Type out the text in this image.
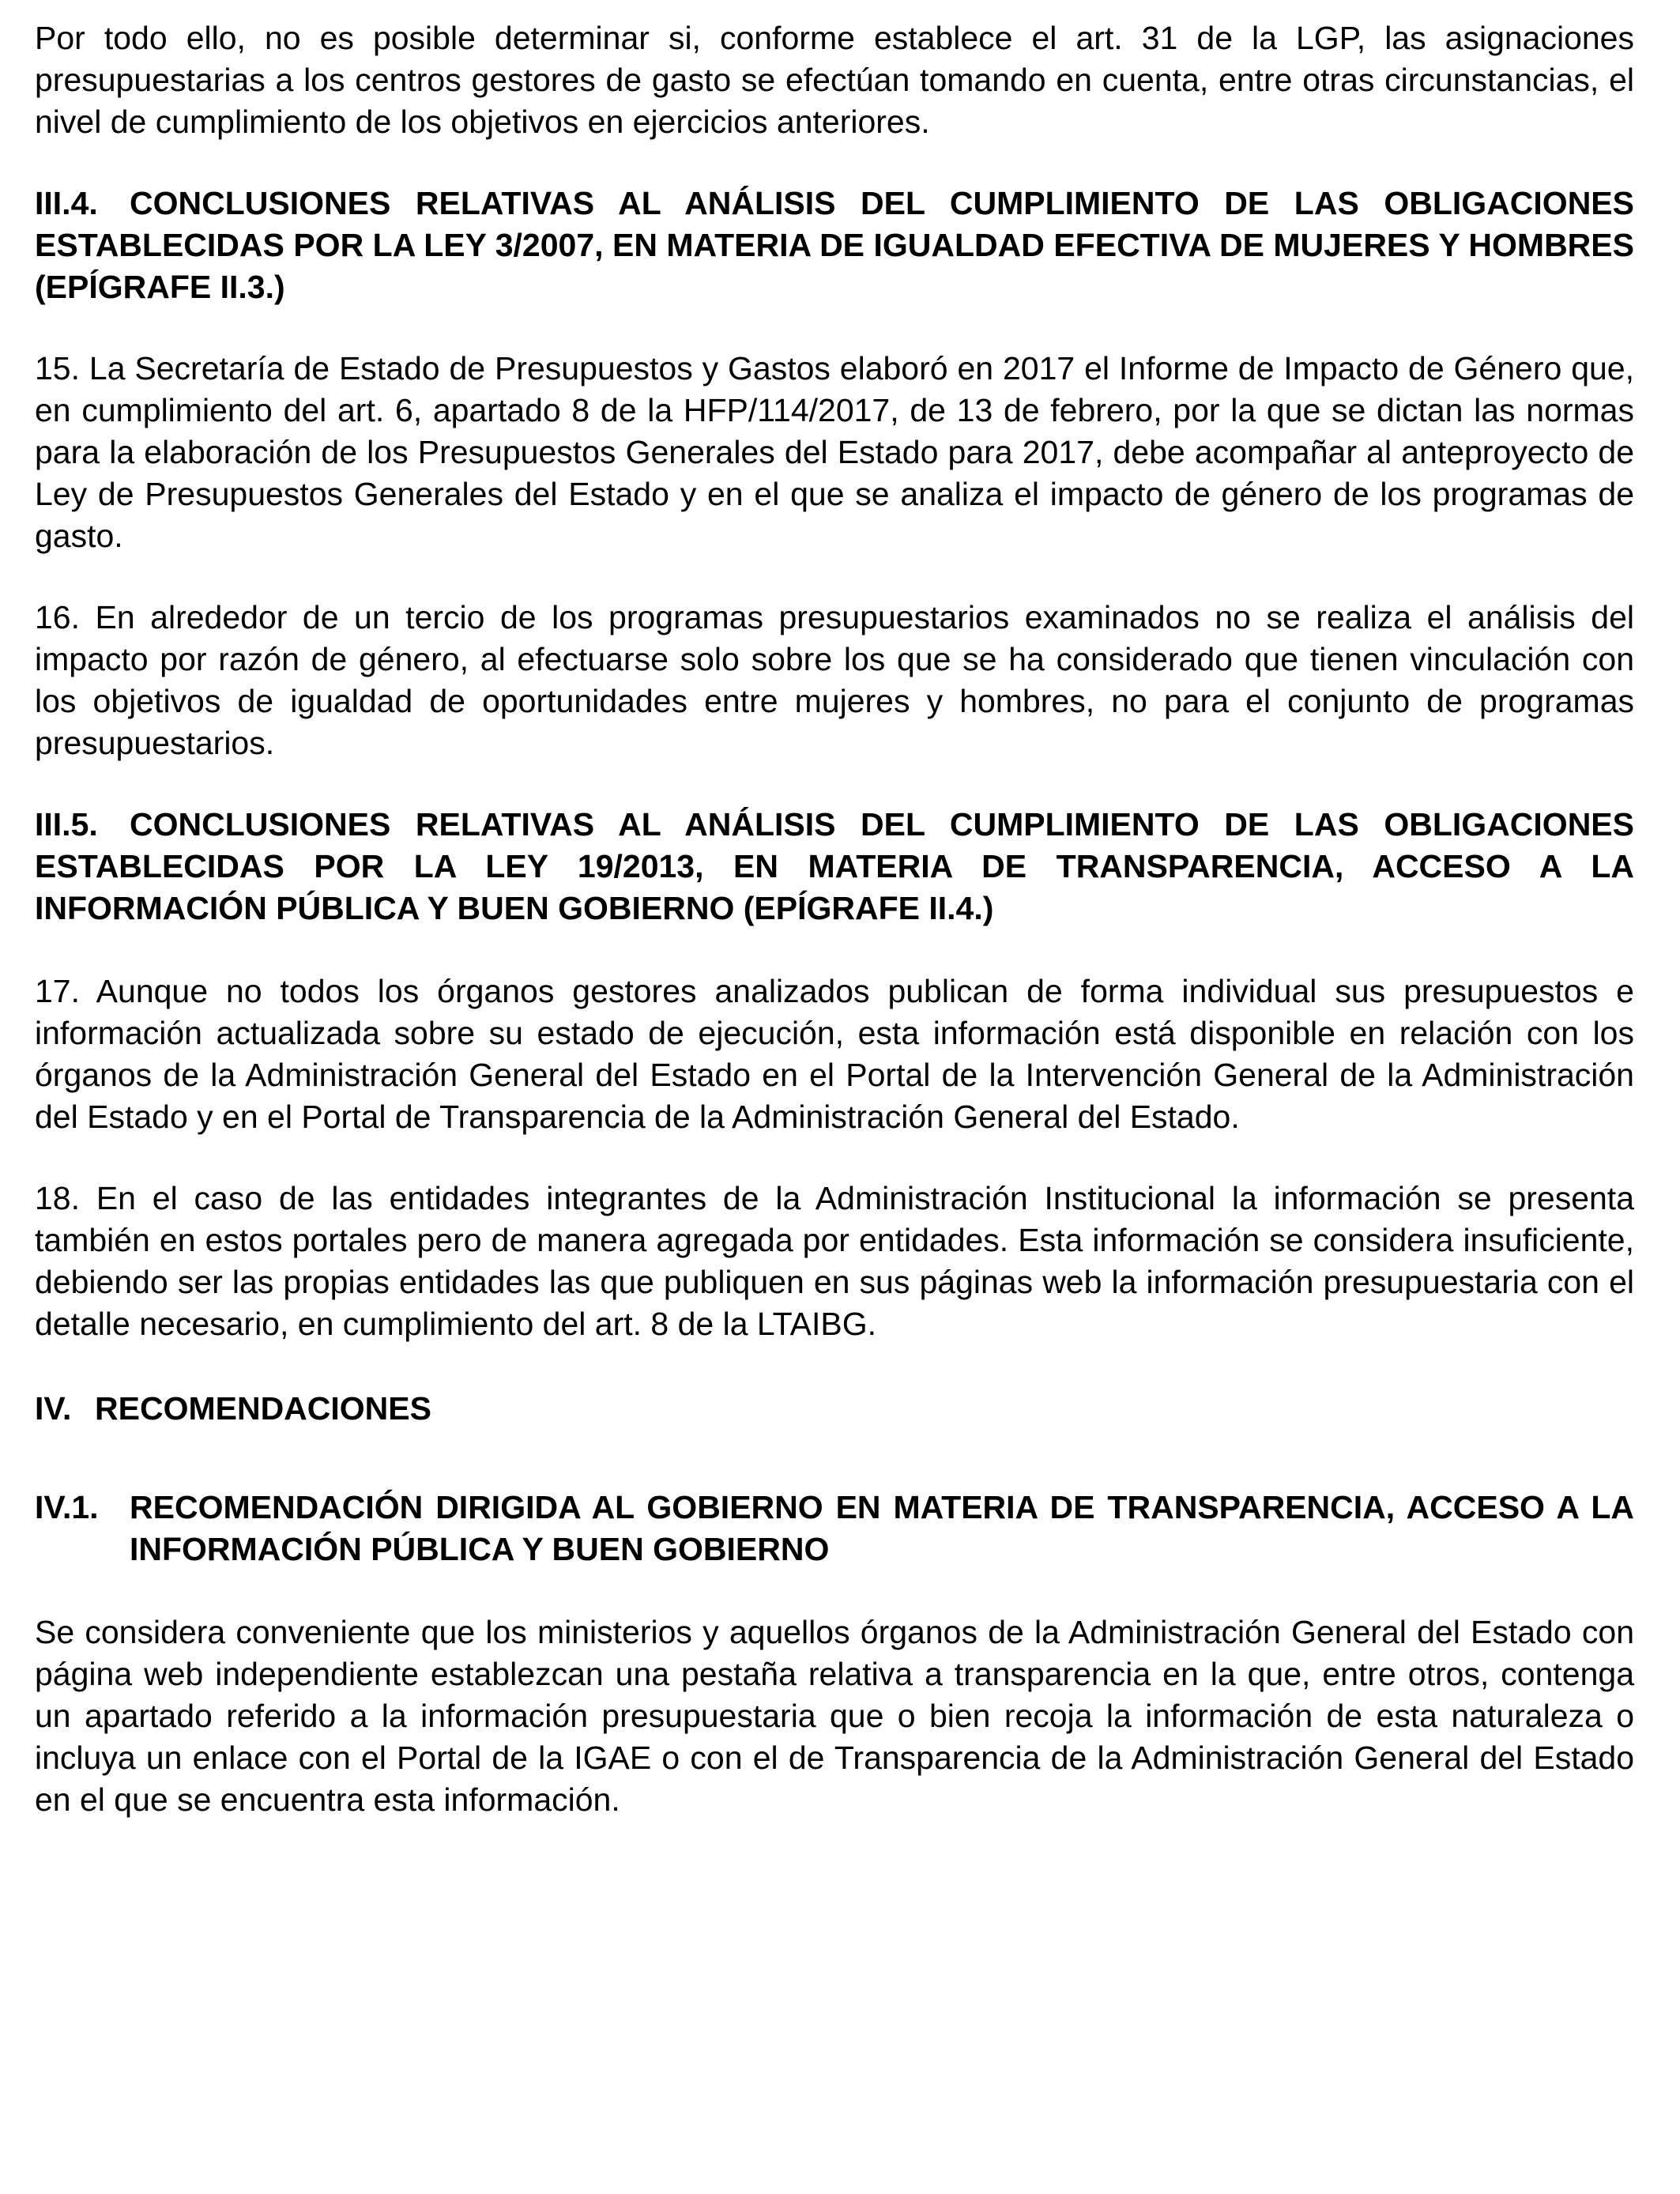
Por todo ello, no es posible determinar si, conforme establece el art. 31 de la LGP, las asignaciones presupuestarias a los centros gestores de gasto se efectúan tomando en cuenta, entre otras circunstancias, el nivel de cumplimiento de los objetivos en ejercicios anteriores.

III.4. CONCLUSIONES RELATIVAS AL ANÁLISIS DEL CUMPLIMIENTO DE LAS OBLIGACIONES ESTABLECIDAS POR LA LEY 3/2007, EN MATERIA DE IGUALDAD EFECTIVA DE MUJERES Y HOMBRES (EPÍGRAFE II.3.)

15. La Secretaría de Estado de Presupuestos y Gastos elaboró en 2017 el Informe de Impacto de Género que, en cumplimiento del art. 6, apartado 8 de la HFP/114/2017, de 13 de febrero, por la que se dictan las normas para la elaboración de los Presupuestos Generales del Estado para 2017, debe acompañar al anteproyecto de Ley de Presupuestos Generales del Estado y en el que se analiza el impacto de género de los programas de gasto.

16. En alrededor de un tercio de los programas presupuestarios examinados no se realiza el análisis del impacto por razón de género, al efectuarse solo sobre los que se ha considerado que tienen vinculación con los objetivos de igualdad de oportunidades entre mujeres y hombres, no para el conjunto de programas presupuestarios.

III.5. CONCLUSIONES RELATIVAS AL ANÁLISIS DEL CUMPLIMIENTO DE LAS OBLIGACIONES ESTABLECIDAS POR LA LEY 19/2013, EN MATERIA DE TRANSPARENCIA, ACCESO A LA INFORMACIÓN PÚBLICA Y BUEN GOBIERNO (EPÍGRAFE II.4.)

17. Aunque no todos los órganos gestores analizados publican de forma individual sus presupuestos e información actualizada sobre su estado de ejecución, esta información está disponible en relación con los órganos de la Administración General del Estado en el Portal de la Intervención General de la Administración del Estado y en el Portal de Transparencia de la Administración General del Estado.

18. En el caso de las entidades integrantes de la Administración Institucional la información se presenta también en estos portales pero de manera agregada por entidades. Esta información se considera insuficiente, debiendo ser las propias entidades las que publiquen en sus páginas web la información presupuestaria con el detalle necesario, en cumplimiento del art. 8 de la LTAIBG.

IV. RECOMENDACIONES
IV.1. RECOMENDACIÓN DIRIGIDA AL GOBIERNO EN MATERIA DE TRANSPARENCIA, ACCESO A LA INFORMACIÓN PÚBLICA Y BUEN GOBIERNO

Se considera conveniente que los ministerios y aquellos órganos de la Administración General del Estado con página web independiente establezcan una pestaña relativa a transparencia en la que, entre otros, contenga un apartado referido a la información presupuestaria que o bien recoja la información de esta naturaleza o incluya un enlace con el Portal de la IGAE o con el de Transparencia de la Administración General del Estado en el que se encuentra esta información.
